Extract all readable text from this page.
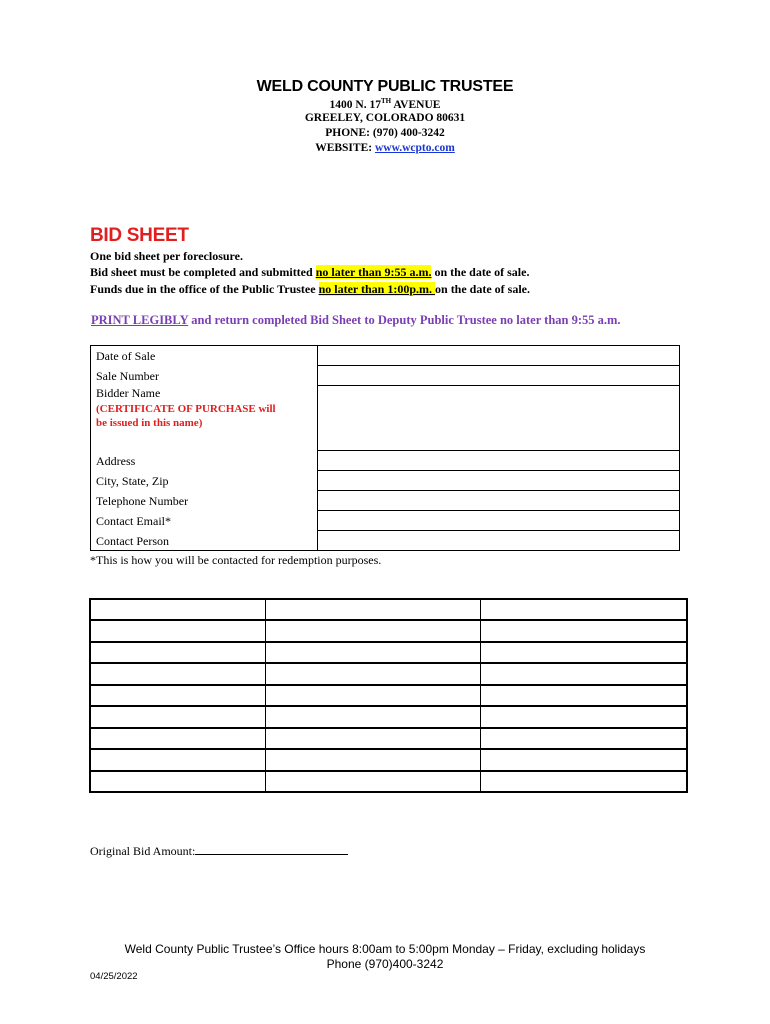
WELD COUNTY PUBLIC TRUSTEE
1400 N. 17TH AVENUE
GREELEY, COLORADO 80631
PHONE: (970) 400-3242
WEBSITE: www.wcpto.com
BID SHEET
One bid sheet per foreclosure.
Bid sheet must be completed and submitted no later than 9:55 a.m. on the date of sale.
Funds due in the office of the Public Trustee no later than 1:00p.m. on the date of sale.
PRINT LEGIBLY and return completed Bid Sheet to Deputy Public Trustee no later than 9:55 a.m.
Date of Sale
Sale Number
Bidder Name
(CERTIFICATE OF PURCHASE will
be issued in this name)
Address
City, State, Zip
Telephone Number
Contact Email*
Contact Person
*This is how you will be contacted for redemption purposes.
Original Bid Amount:
Weld County Public Trustee’s Office hours 8:00am to 5:00pm Monday – Friday, excluding holidays
Phone (970)400-3242
04/25/2022
